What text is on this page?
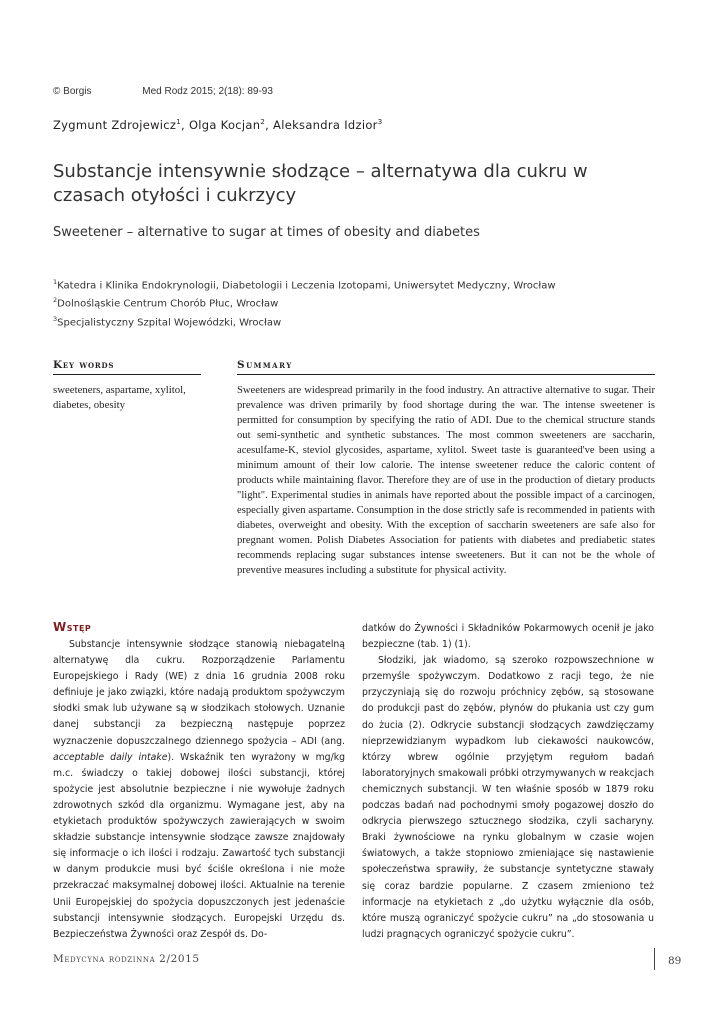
© Borgis	Med Rodz 2015; 2(18): 89-93
Zygmunt Zdrojewicz$^1$, Olga Kocjan$^2$, Aleksandra Idzior$^3$
Substancje intensywnie słodzące – alternatywa dla cukru w czasach otyłości i cukrzycy
Sweetener – alternative to sugar at times of obesity and diabetes
$^1$Katedra i Klinika Endokrynologii, Diabetologii i Leczenia Izotopami, Uniwersytet Medyczny, Wrocław
$^2$Dolnośląskie Centrum Chorób Płuc, Wrocław
$^3$Specjalistyczny Szpital Wojewódzki, Wrocław
Key words	Summary
sweeteners, aspartame, xylitol, diabetes, obesity
Sweeteners are widespread primarily in the food industry. An attractive alternative to sugar. Their prevalence was driven primarily by food shortage during the war. The intense sweetener is permitted for consumption by specifying the ratio of ADI. Due to the chemical structure stands out semi-synthetic and synthetic substances. The most common sweeteners are saccharin, acesulfame-K, steviol glycosides, aspartame, xylitol. Sweet taste is guaranteed've been using a minimum amount of their low calorie. The intense sweetener reduce the caloric content of products while maintaining flavor. Therefore they are of use in the production of dietary products "light". Experimental studies in animals have reported about the possible impact of a carcinogen, especially given aspartame. Consumption in the dose strictly safe is recommended in patients with diabetes, overweight and obesity. With the exception of saccharin sweeteners are safe also for pregnant women. Polish Diabetes Association for patients with diabetes and prediabetic states recommends replacing sugar substances intense sweeteners. But it can not be the whole of preventive measures including a substitute for physical activity.
Wstęp

Substancje intensywnie słodzące stanowią niebagatelną alternatywę dla cukru. Rozporządzenie Parlamentu Europejskiego i Rady (WE) z dnia 16 grudnia 2008 roku definiuje je jako związki, które nadają produktom spożywczym słodki smak lub używane są w słodzikach stołowych. Uznanie danej substancji za bezpieczną następuje poprzez wyznaczenie dopuszczalnego dziennego spożycia – ADI (ang. acceptable daily intake). Wskaźnik ten wyrażony w mg/kg m.c. świadczy o takiej dobowej ilości substancji, której spożycie jest absolutnie bezpieczne i nie wywołuje żadnych zdrowotnych szkód dla organizmu. Wymagane jest, aby na etykietach produktów spożywczych zawierających w swoim składzie substancje intensywnie słodzące zawsze znajdowały się informacje o ich ilości i rodzaju. Zawartość tych substancji w danym produkcie musi być ściśle określona i nie może przekraczać maksymalnej dobowej ilości. Aktualnie na terenie Unii Europejskiej do spożycia dopuszczonych jest jedenaście substancji intensywnie słodzących. Europejski Urzędu ds. Bezpieczeństwa Żywności oraz Zespół ds. Do-

datków do Żywności i Składników Pokarmowych ocenił je jako bezpieczne (tab. 1) (1).

Słodziki, jak wiadomo, są szeroko rozpowszechnione w przemyśle spożywczym. Dodatkowo z racji tego, że nie przyczyniają się do rozwoju próchnicy zębów, są stosowane do produkcji past do zębów, płynów do płukania ust czy gum do żucia (2). Odkrycie substancji słodzących zawdzięczamy nieprzewidzianym wypadkom lub ciekawości naukowców, którzy wbrew ogólnie przyjętym regułom badań laboratoryjnych smakowali próbki otrzymywanych w reakcjach chemicznych substancji. W ten właśnie sposób w 1879 roku podczas badań nad pochodnymi smoły pogazowej doszło do odkrycia pierwszego sztucznego słodzika, czyli sacharyny. Braki żywnościowe na rynku globalnym w czasie wojen światowych, a także stopniowo zmieniające się nastawienie społeczeństwa sprawiły, że substancje syntetyczne stawały się coraz bardzie popularne. Z czasem zmieniono też informacje na etykietach z „do użytku wyłącznie dla osób, które muszą ograniczyć spożycie cukru” na „do stosowania u ludzi pragnących ograniczyć spożycie cukru”.

Medycyna rodzinna 2/2015	89
